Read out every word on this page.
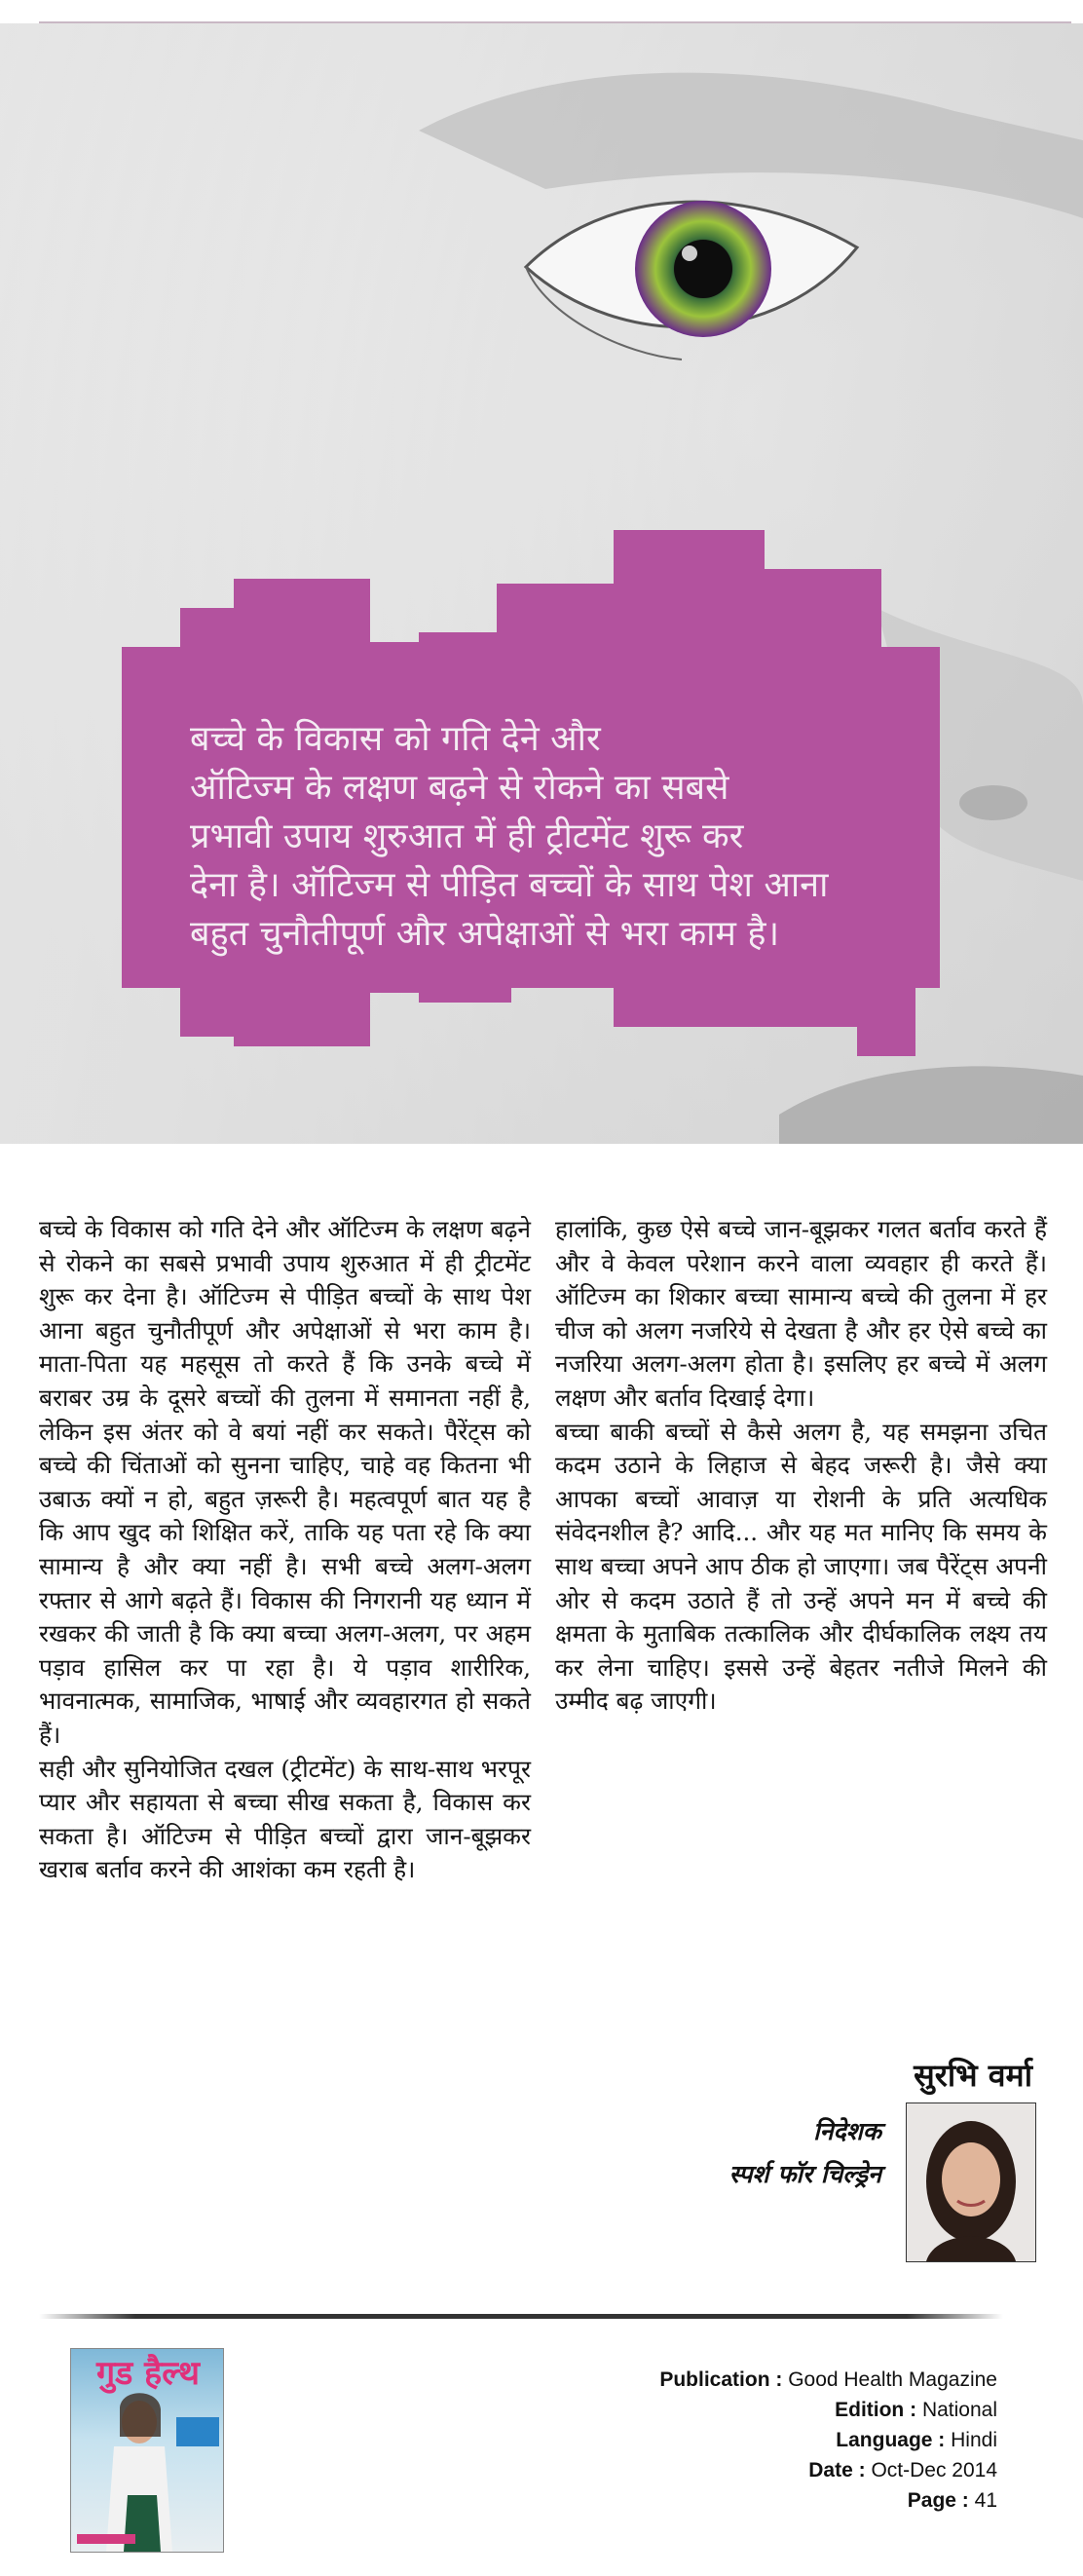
बच्चे के विकास को गति देने और
ऑटिज्म के लक्षण बढ़ने से रोकने का सबसे
प्रभावी उपाय शुरुआत में ही ट्रीटमेंट शुरू कर
देना है। ऑटिज्म से पीड़ित बच्चों के साथ पेश आना
बहुत चुनौतीपूर्ण और अपेक्षाओं से भरा काम है।

बच्चे के विकास को गति देने और ऑटिज्म के लक्षण बढ़ने से रोकने का सबसे प्रभावी उपाय शुरुआत में ही ट्रीटमेंट शुरू कर देना है। ऑटिज्म से पीड़ित बच्चों के साथ पेश आना बहुत चुनौतीपूर्ण और अपेक्षाओं से भरा काम है। माता-पिता यह महसूस तो करते हैं कि उनके बच्चे में बराबर उम्र के दूसरे बच्चों की तुलना में समानता नहीं है, लेकिन इस अंतर को वे बयां नहीं कर सकते। पैरेंट्स को बच्चे की चिंताओं को सुनना चाहिए, चाहे वह कितना भी उबाऊ क्यों न हो, बहुत ज़रूरी है। महत्वपूर्ण बात यह है कि आप खुद को शिक्षित करें, ताकि यह पता रहे कि क्या सामान्य है और क्या नहीं है। सभी बच्चे अलग-अलग रफ्तार से आगे बढ़ते हैं। विकास की निगरानी यह ध्यान में रखकर की जाती है कि क्या बच्चा अलग-अलग, पर अहम पड़ाव हासिल कर पा रहा है। ये पड़ाव शारीरिक, भावनात्मक, सामाजिक, भाषाई और व्यवहारगत हो सकते हैं।

सही और सुनियोजित दखल (ट्रीटमेंट) के साथ-साथ भरपूर प्यार और सहायता से बच्चा सीख सकता है, विकास कर सकता है। ऑटिज्म से पीड़ित बच्चों द्वारा जान-बूझकर खराब बर्ताव करने की आशंका कम रहती है।

हालांकि, कुछ ऐसे बच्चे जान-बूझकर गलत बर्ताव करते हैं और वे केवल परेशान करने वाला व्यवहार ही करते हैं। ऑटिज्म का शिकार बच्चा सामान्य बच्चे की तुलना में हर चीज को अलग नजरिये से देखता है और हर ऐसे बच्चे का नजरिया अलग-अलग होता है। इसलिए हर बच्चे में अलग लक्षण और बर्ताव दिखाई देगा।

बच्चा बाकी बच्चों से कैसे अलग है, यह समझना उचित कदम उठाने के लिहाज से बेहद जरूरी है। जैसे क्या आपका बच्चों आवाज़ या रोशनी के प्रति अत्यधिक संवेदनशील है? आदि... और यह मत मानिए कि समय के साथ बच्चा अपने आप ठीक हो जाएगा। जब पैरेंट्स अपनी ओर से कदम उठाते हैं तो उन्हें अपने मन में बच्चे की क्षमता के मुताबिक तत्कालिक और दीर्घकालिक लक्ष्य तय कर लेना चाहिए। इससे उन्हें बेहतर नतीजे मिलने की उम्मीद बढ़ जाएगी।

सुरभि वर्मा
निदेशक
स्पर्श फॉर चिल्ड्रेन
गुड हैल्थ	Publication : Good Health Magazine
Edition : National
Language : Hindi
Date : Oct-Dec 2014
Page : 41
